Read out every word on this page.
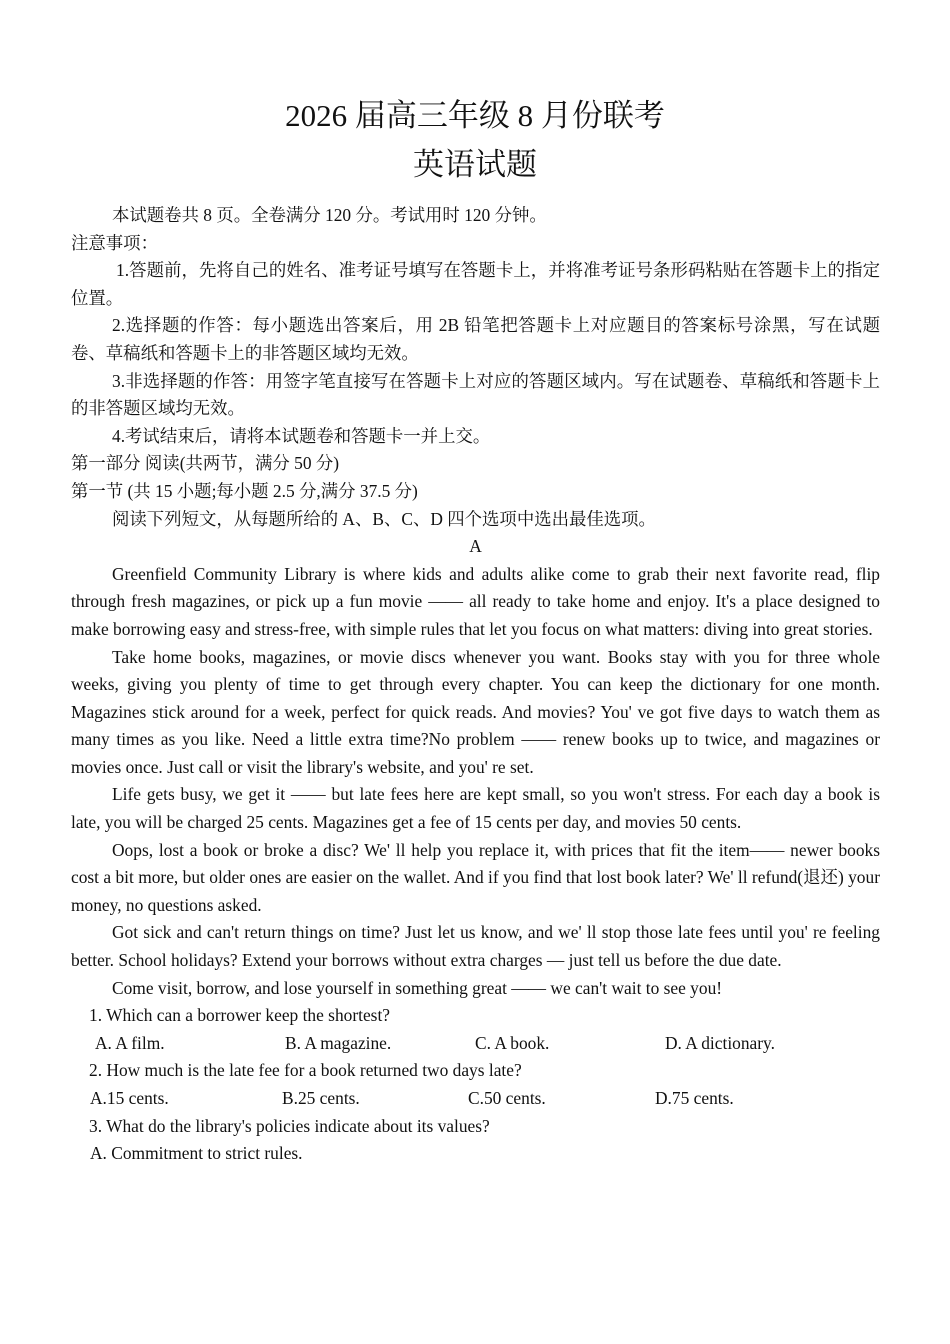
2026 届高三年级 8 月份联考
英语试题

本试题卷共 8 页。全卷满分 120 分。考试用时 120 分钟。

注意事项：

1.答题前，先将自己的姓名、准考证号填写在答题卡上，并将准考证号条形码粘贴在答题卡上的指定位置。

2.选择题的作答：每小题选出答案后，用 2B 铅笔把答题卡上对应题目的答案标号涂黑，写在试题卷、草稿纸和答题卡上的非答题区域均无效。

3.非选择题的作答：用签字笔直接写在答题卡上对应的答题区域内。写在试题卷、草稿纸和答题卡上的非答题区域均无效。

4.考试结束后，请将本试题卷和答题卡一并上交。

第一部分 阅读(共两节，满分 50 分)

第一节 (共 15 小题;每小题 2.5 分,满分 37.5 分)

阅读下列短文，从每题所给的 A、B、C、D 四个选项中选出最佳选项。

A

Greenfield Community Library is where kids and adults alike come to grab their next favorite read, flip through fresh magazines, or pick up a fun movie —— all ready to take home and enjoy. It's a place designed to make borrowing easy and stress-free, with simple rules that let you focus on what matters: diving into great stories.

Take home books, magazines, or movie discs whenever you want. Books stay with you for three whole weeks, giving you plenty of time to get through every chapter. You can keep the dictionary for one month. Magazines stick around for a week, perfect for quick reads. And movies? You' ve got five days to watch them as many times as you like. Need a little extra time?No problem —— renew books up to twice, and magazines or movies once. Just call or visit the library's website, and you' re set.

Life gets busy, we get it —— but late fees here are kept small, so you won't stress. For each day a book is late, you will be charged 25 cents. Magazines get a fee of 15 cents per day, and movies 50 cents.

Oops, lost a book or broke a disc? We' ll help you replace it, with prices that fit the item—— newer books cost a bit more, but older ones are easier on the wallet. And if you find that lost book later? We' ll refund(退还) your money, no questions asked.

Got sick and can't return things on time? Just let us know, and we' ll stop those late fees until you' re feeling better. School holidays? Extend your borrows without extra charges — just tell us before the due date.

Come visit, borrow, and lose yourself in something great —— we can't wait to see you!

1. Which can a borrower keep the shortest?

A. A film.	B. A magazine.	C. A book.	D. A dictionary.

2. How much is the late fee for a book returned two days late?

A.15 cents.	B.25 cents.	C.50 cents.	D.75 cents.

3. What do the library's policies indicate about its values?

A. Commitment to strict rules.
